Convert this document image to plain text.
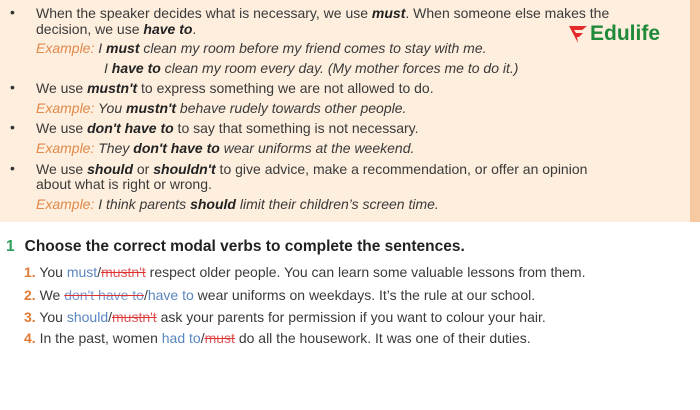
Edulife
• When the speaker decides what is necessary, we use must. When someone else makes the
decision, we use have to.
Example: I must clean my room before my friend comes to stay with me.
I have to clean my room every day. (My mother forces me to do it.)
• We use mustn't to express something we are not allowed to do.
Example: You mustn't behave rudely towards other people.
• We use don't have to to say that something is not necessary.
Example: They don't have to wear uniforms at the weekend.
• We use should or shouldn't to give advice, make a recommendation, or offer an opinion
about what is right or wrong.
Example: I think parents should limit their children’s screen time.
1 Choose the correct modal verbs to complete the sentences.
1. You must/mustn't respect older people. You can learn some valuable lessons from them.
2. We don't have to/have to wear uniforms on weekdays. It’s the rule at our school.
3. You should/mustn't ask your parents for permission if you want to colour your hair.
4. In the past, women had to/must do all the housework. It was one of their duties.
